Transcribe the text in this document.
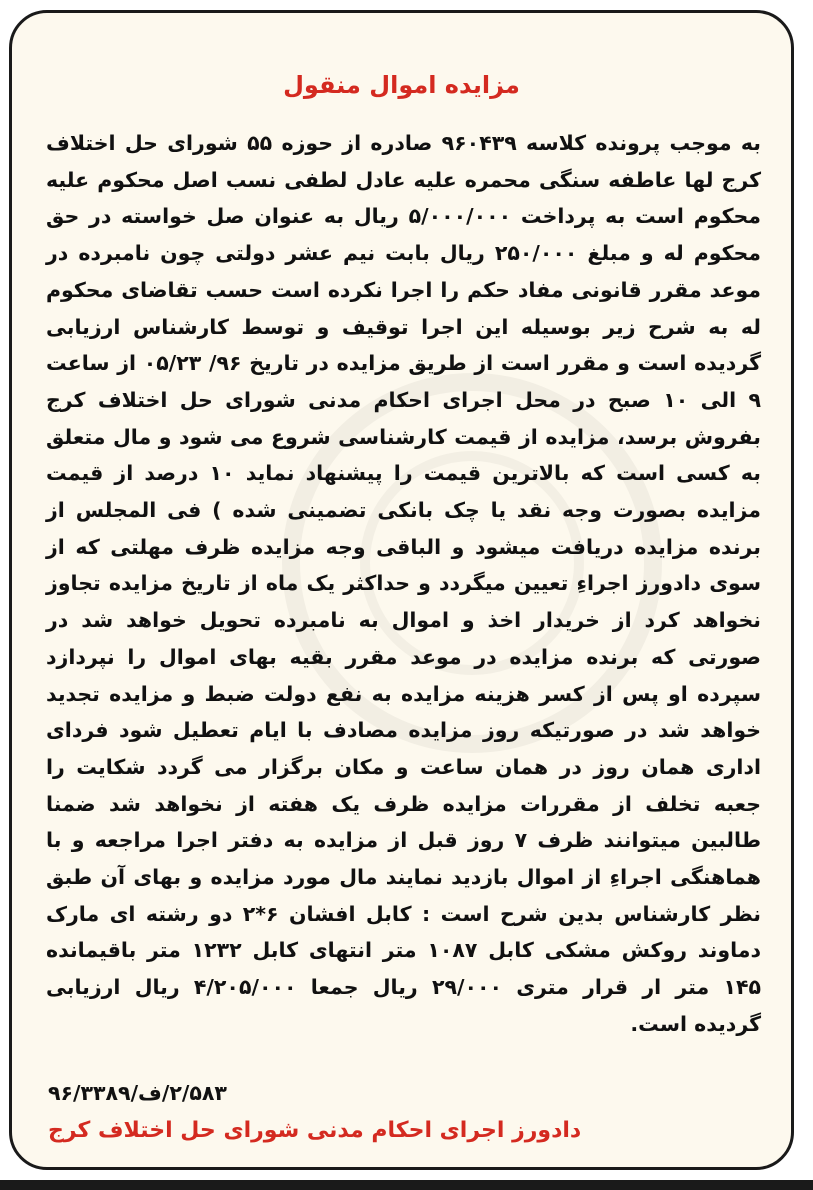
مزایده اموال منقول

به موجب پرونده کلاسه ۹۶۰۴۳۹ صادره از حوزه ۵۵ شورای حل اختلاف کرج لها عاطفه سنگی محمره علیه عادل لطفی نسب اصل محکوم علیه محکوم است به پرداخت ۵/۰۰۰/۰۰۰ ریال به عنوان صل خواسته در حق محکوم له و مبلغ ۲۵۰/۰۰۰ ریال بابت نیم عشر دولتی چون نامبرده در موعد مقرر قانونی مفاد حکم را اجرا نکرده است حسب تقاضای محکوم له به شرح زیر بوسیله این اجرا توقیف و توسط کارشناس ارزیابی گردیده است و مقرر است از طریق مزایده در تاریخ ۹۶/ ۰۵/۲۳ از ساعت ۹ الی ۱۰ صبح در محل اجرای احکام مدنی شورای حل اختلاف کرج بفروش برسد، مزایده از قیمت کارشناسی شروع می شود و مال متعلق به کسی است که بالاترین قیمت را پیشنهاد نماید ۱۰ درصد از قیمت مزایده بصورت وجه نقد یا چک بانکی تضمینی شده ) فی المجلس از برنده مزایده دریافت میشود و الباقی وجه مزایده ظرف مهلتی که از سوی دادورز اجراءِ تعیین میگردد و حداکثر یک ماه از تاریخ مزایده تجاوز نخواهد کرد از خریدار اخذ و اموال به نامبرده تحویل خواهد شد در صورتی که برنده مزایده در موعد مقرر بقیه بهای اموال را نپردازد سپرده او پس از کسر هزینه مزایده به نفع دولت ضبط و مزایده تجدید خواهد شد در صورتیکه روز مزایده مصادف با ایام تعطیل شود فردای اداری همان روز در همان ساعت و مکان برگزار می گردد شکایت را جعبه تخلف از مقررات مزایده ظرف یک هفته از نخواهد شد ضمنا طالبین میتوانند ظرف ۷ روز قبل از مزایده به دفتر اجرا مراجعه و با هماهنگی اجراءِ از اموال بازدید نمایند مال مورد مزایده و بهای آن طبق نظر کارشناس بدین شرح است : کابل افشان ۶*۲ دو رشته ای مارک دماوند روکش مشکی کابل ۱۰۸۷ متر انتهای کابل ۱۲۳۲ متر باقیمانده ۱۴۵ متر ار قرار متری ۲۹/۰۰۰ ریال جمعا ۴/۲۰۵/۰۰۰ ریال ارزیابی گردیده است.

۲/۵۸۳/ف/۹۶/۳۳۸۹
دادورز اجرای احکام مدنی شورای حل اختلاف کرج
